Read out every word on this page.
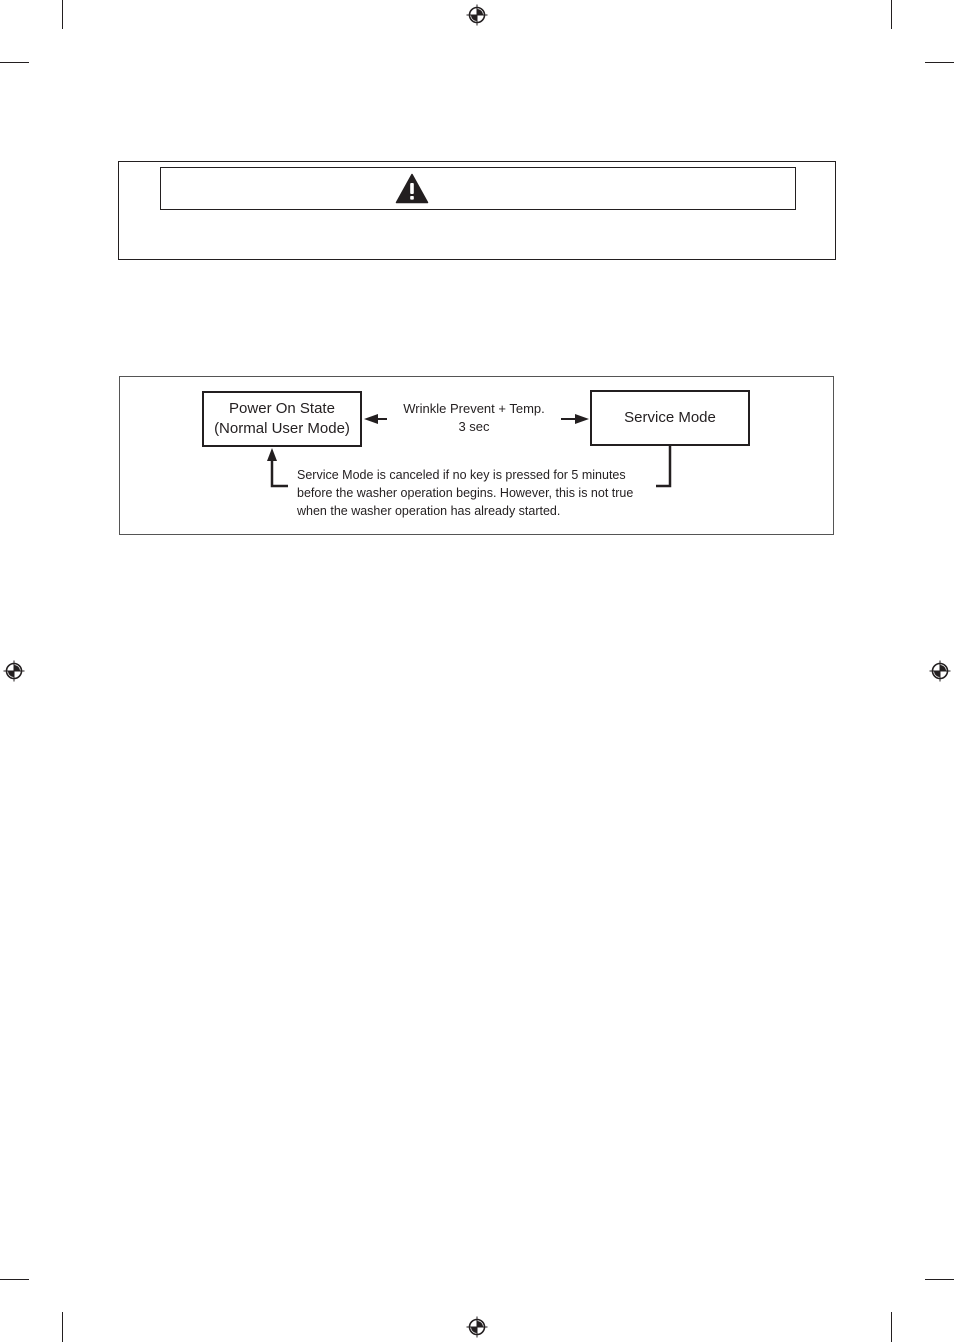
Power On State
(Normal User Mode)
Wrinkle Prevent + Temp.
3 sec
Service Mode
Service Mode is canceled if no key is pressed for 5 minutes
before the washer operation begins. However, this is not true
when the washer operation has already started.
